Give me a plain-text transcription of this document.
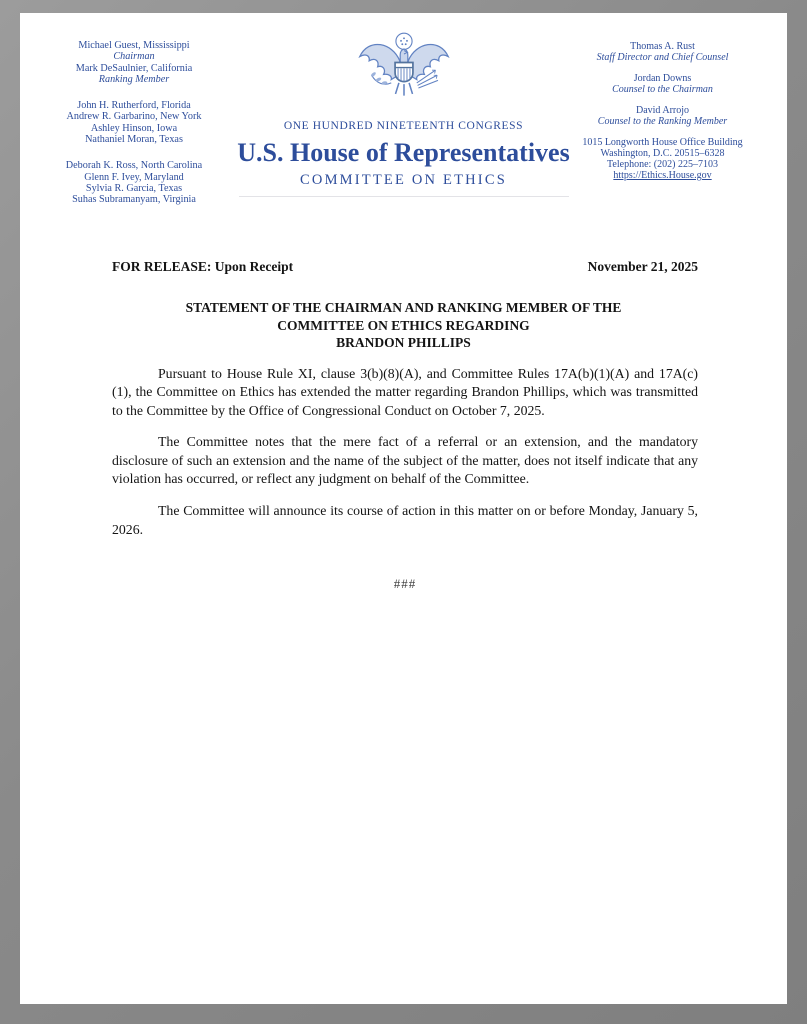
ONE HUNDRED NINETEENTH CONGRESS
U.S. House of Representatives
COMMITTEE ON ETHICS
Michael Guest, Mississippi
Chairman
Mark DeSaulnier, California
Ranking Member
John H. Rutherford, Florida
Andrew R. Garbarino, New York
Ashley Hinson, Iowa
Nathaniel Moran, Texas
Deborah K. Ross, North Carolina
Glenn F. Ivey, Maryland
Sylvia R. Garcia, Texas
Suhas Subramanyam, Virginia
Thomas A. Rust
Staff Director and Chief Counsel
Jordan Downs
Counsel to the Chairman
David Arrojo
Counsel to the Ranking Member
1015 Longworth House Office Building
Washington, D.C. 20515–6328
Telephone: (202) 225–7103
https://Ethics.House.gov
FOR RELEASE: Upon Receipt	November 21, 2025
STATEMENT OF THE CHAIRMAN AND RANKING MEMBER OF THE
COMMITTEE ON ETHICS REGARDING
BRANDON PHILLIPS

Pursuant to House Rule XI, clause 3(b)(8)(A), and Committee Rules 17A(b)(1)(A) and 17A(c)(1), the Committee on Ethics has extended the matter regarding Brandon Phillips, which was transmitted to the Committee by the Office of Congressional Conduct on October 7, 2025.

The Committee notes that the mere fact of a referral or an extension, and the mandatory disclosure of such an extension and the name of the subject of the matter, does not itself indicate that any violation has occurred, or reflect any judgment on behalf of the Committee.

The Committee will announce its course of action in this matter on or before Monday, January 5, 2026.

###
